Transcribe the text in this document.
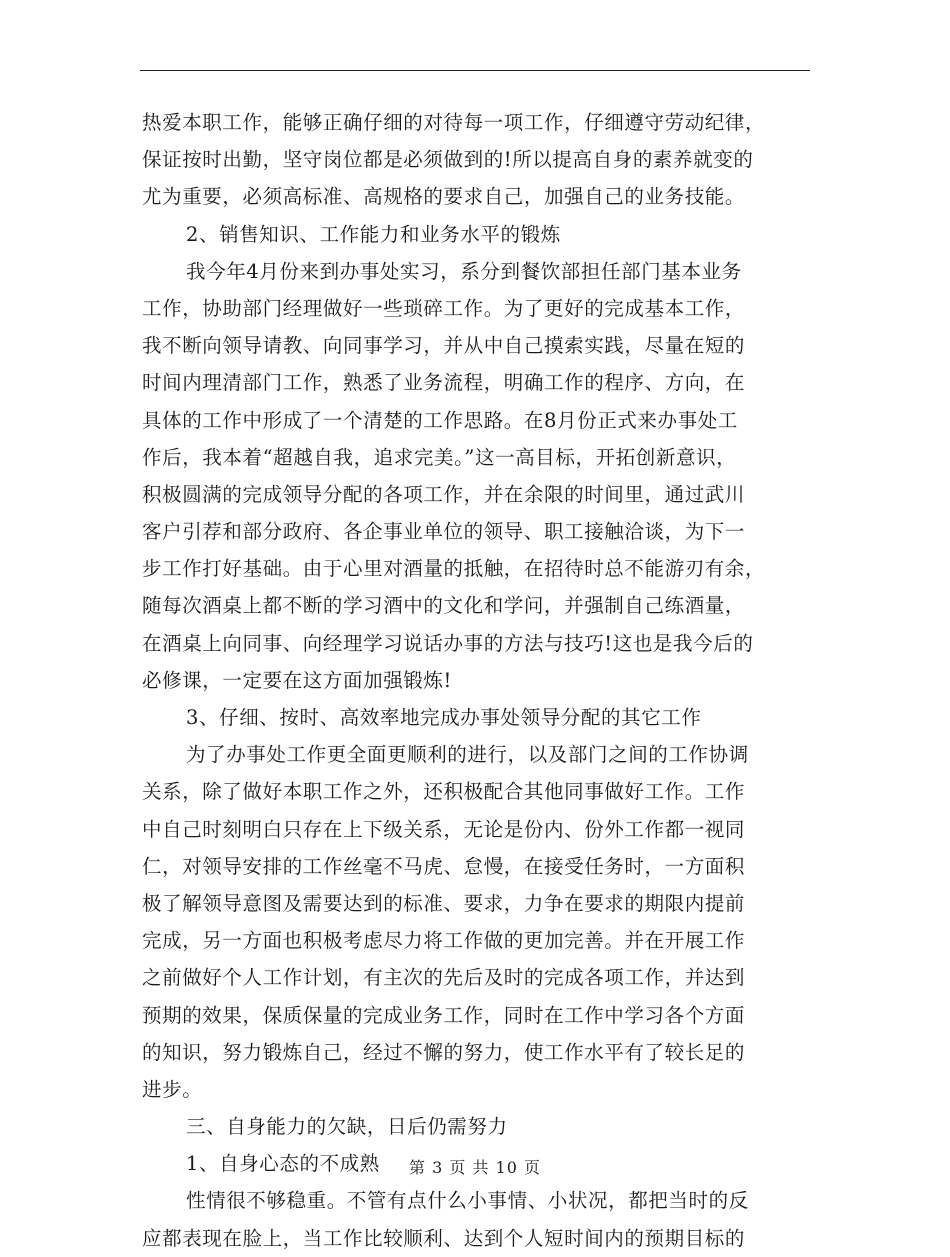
热爱本职工作，能够正确仔细的对待每一项工作，仔细遵守劳动纪律，
保证按时出勤，坚守岗位都是必须做到的!所以提高自身的素养就变的
尤为重要，必须高标准、高规格的要求自己，加强自己的业务技能。
2、销售知识、工作能力和业务水平的锻炼
我今年4月份来到办事处实习，系分到餐饮部担任部门基本业务
工作，协助部门经理做好一些琐碎工作。为了更好的完成基本工作，
我不断向领导请教、向同事学习，并从中自己摸索实践，尽量在短的
时间内理清部门工作，熟悉了业务流程，明确工作的程序、方向，在
具体的工作中形成了一个清楚的工作思路。在8月份正式来办事处工
作后，我本着“超越自我，追求完美。”这一高目标，开拓创新意识，
积极圆满的完成领导分配的各项工作，并在余限的时间里，通过武川
客户引荐和部分政府、各企事业单位的领导、职工接触洽谈，为下一
步工作打好基础。由于心里对酒量的抵触，在招待时总不能游刃有余，
随每次酒桌上都不断的学习酒中的文化和学问，并强制自己练酒量，
在酒桌上向同事、向经理学习说话办事的方法与技巧!这也是我今后的
必修课，一定要在这方面加强锻炼!
3、仔细、按时、高效率地完成办事处领导分配的其它工作
为了办事处工作更全面更顺利的进行，以及部门之间的工作协调
关系，除了做好本职工作之外，还积极配合其他同事做好工作。工作
中自己时刻明白只存在上下级关系，无论是份内、份外工作都一视同
仁，对领导安排的工作丝毫不马虎、怠慢，在接受任务时，一方面积
极了解领导意图及需要达到的标准、要求，力争在要求的期限内提前
完成，另一方面也积极考虑尽力将工作做的更加完善。并在开展工作
之前做好个人工作计划，有主次的先后及时的完成各项工作，并达到
预期的效果，保质保量的完成业务工作，同时在工作中学习各个方面
的知识，努力锻炼自己，经过不懈的努力，使工作水平有了较长足的
进步。
三、自身能力的欠缺，日后仍需努力
1、自身心态的不成熟
性情很不够稳重。不管有点什么小事情、小状况，都把当时的反
应都表现在脸上，当工作比较顺利、达到个人短时间内的预期目标的
第 3 页 共 10 页
